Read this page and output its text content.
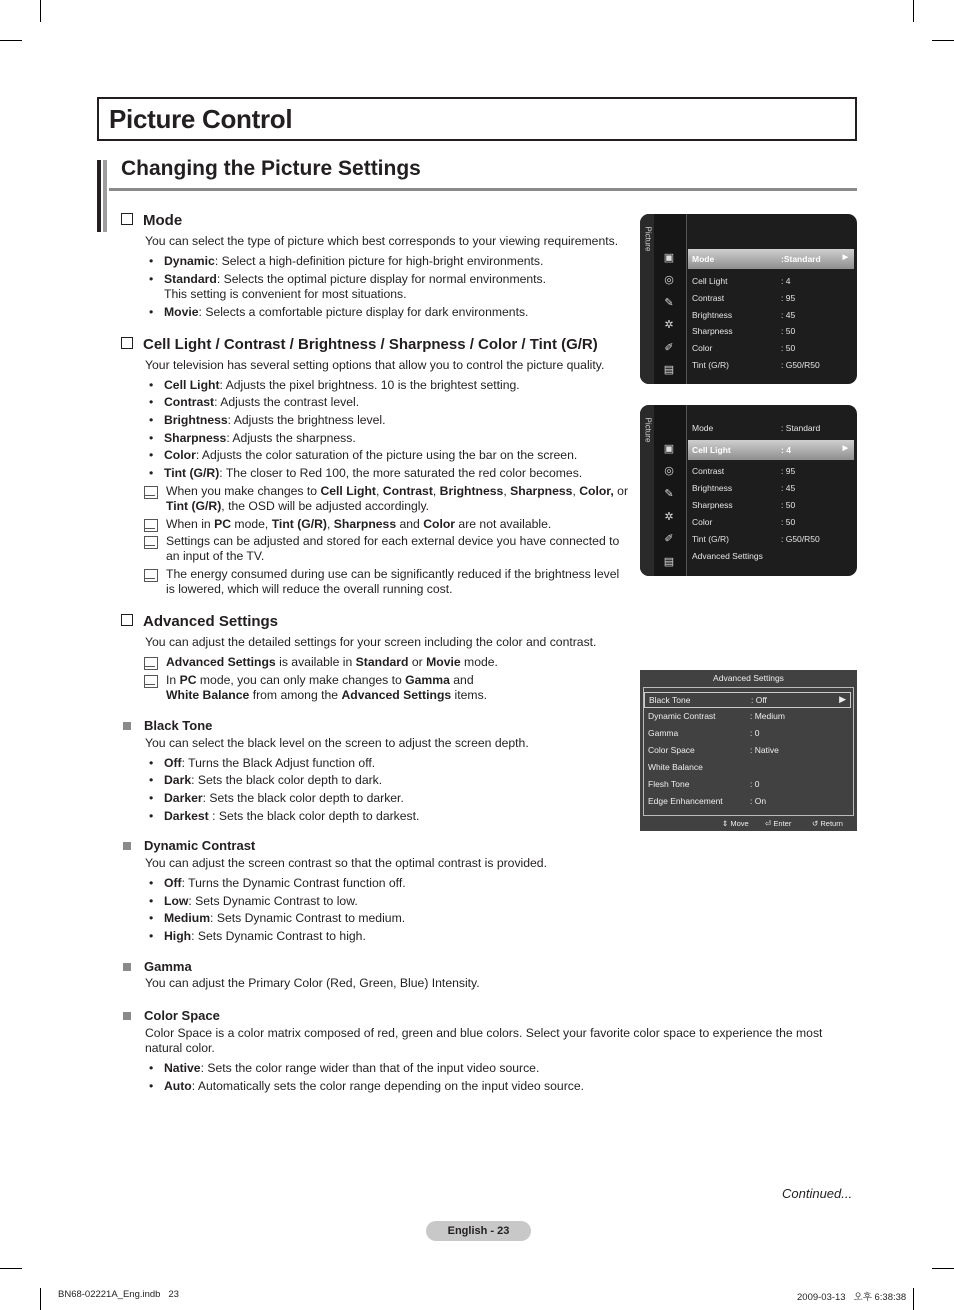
Picture Control
Changing the Picture Settings
Mode
You can select the type of picture which best corresponds to your viewing requirements.
• Dynamic: Select a high-definition picture for high-bright environments.
• Standard: Selects the optimal picture display for normal environments.
This setting is convenient for most situations.
• Movie: Selects a comfortable picture display for dark environments.
Cell Light / Contrast / Brightness / Sharpness / Color / Tint (G/R)
Your television has several setting options that allow you to control the picture quality.
• Cell Light: Adjusts the pixel brightness. 10 is the brightest setting.
• Contrast: Adjusts the contrast level.
• Brightness: Adjusts the brightness level.
• Sharpness: Adjusts the sharpness.
• Color: Adjusts the color saturation of the picture using the bar on the screen.
• Tint (G/R): The closer to Red 100, the more saturated the red color becomes.
When you make changes to Cell Light, Contrast, Brightness, Sharpness, Color, or
Tint (G/R), the OSD will be adjusted accordingly.
When in PC mode, Tint (G/R), Sharpness and Color are not available.
Settings can be adjusted and stored for each external device you have connected to
an input of the TV.
The energy consumed during use can be significantly reduced if the brightness level
is lowered, which will reduce the overall running cost.
Advanced Settings
You can adjust the detailed settings for your screen including the color and contrast.
Advanced Settings is available in Standard or Movie mode.
In PC mode, you can only make changes to Gamma and
White Balance from among the Advanced Settings items.
Black Tone
You can select the black level on the screen to adjust the screen depth.
• Off: Turns the Black Adjust function off.
• Dark: Sets the black color depth to dark.
• Darker: Sets the black color depth to darker.
• Darkest : Sets the black color depth to darkest.
Dynamic Contrast
You can adjust the screen contrast so that the optimal contrast is provided.
• Off: Turns the Dynamic Contrast function off.
• Low: Sets Dynamic Contrast to low.
• Medium: Sets Dynamic Contrast to medium.
• High: Sets Dynamic Contrast to high.
Gamma
You can adjust the Primary Color (Red, Green, Blue) Intensity.
Color Space
Color Space is a color matrix composed of red, green and blue colors. Select your favorite color space to experience the most
natural color.
• Native: Sets the color range wider than that of the input video source.
• Auto: Automatically sets the color range depending on the input video source.
Picture
▣
◎
✎
✲
✐
▤
Mode	:Standard	▶
Cell Light	: 4
Contrast	: 95
Brightness	: 45
Sharpness	: 50
Color	: 50
Tint (G/R)	: G50/R50
Picture
▣
◎
✎
✲
✐
▤
Mode	: Standard
Cell Light	: 4	▶
Contrast	: 95
Brightness	: 45
Sharpness	: 50
Color	: 50
Tint (G/R)	: G50/R50
Advanced Settings
Advanced Settings
Black Tone	: Off	▶
Dynamic Contrast	: Medium
Gamma	: 0
Color Space	: Native
White Balance
Flesh Tone	: 0
Edge Enhancement	: On
⇕ Move ⏎ Enter	↺ Return
Continued...
English - 23
BN68-02221A_Eng.indb   23	2009-03-13   오후 6:38:38
